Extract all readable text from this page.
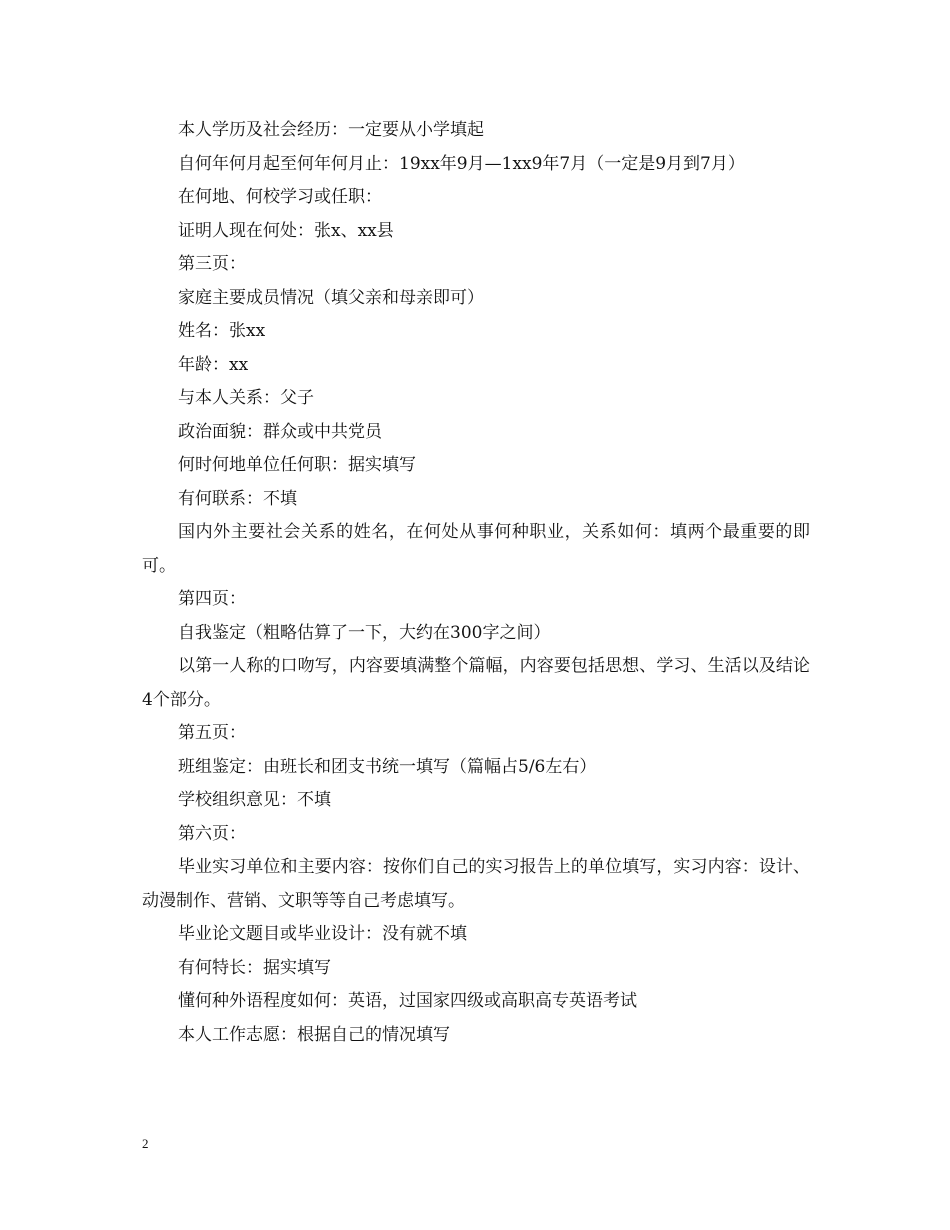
本人学历及社会经历：一定要从小学填起

自何年何月起至何年何月止：19xx年9月—1xx9年7月（一定是9月到7月）

在何地、何校学习或任职：

证明人现在何处：张x、xx县

第三页：

家庭主要成员情况（填父亲和母亲即可）

姓名：张xx

年龄：xx

与本人关系：父子

政治面貌：群众或中共党员

何时何地单位任何职：据实填写

有何联系：不填

国内外主要社会关系的姓名，在何处从事何种职业，关系如何：填两个最重要的即可。

第四页：

自我鉴定（粗略估算了一下，大约在300字之间）

以第一人称的口吻写，内容要填满整个篇幅，内容要包括思想、学习、生活以及结论4个部分。

第五页：

班组鉴定：由班长和团支书统一填写（篇幅占5/6左右）

学校组织意见：不填

第六页：

毕业实习单位和主要内容：按你们自己的实习报告上的单位填写，实习内容：设计、动漫制作、营销、文职等等自己考虑填写。

毕业论文题目或毕业设计：没有就不填

有何特长：据实填写

懂何种外语程度如何：英语，过国家四级或高职高专英语考试

本人工作志愿：根据自己的情况填写

2
